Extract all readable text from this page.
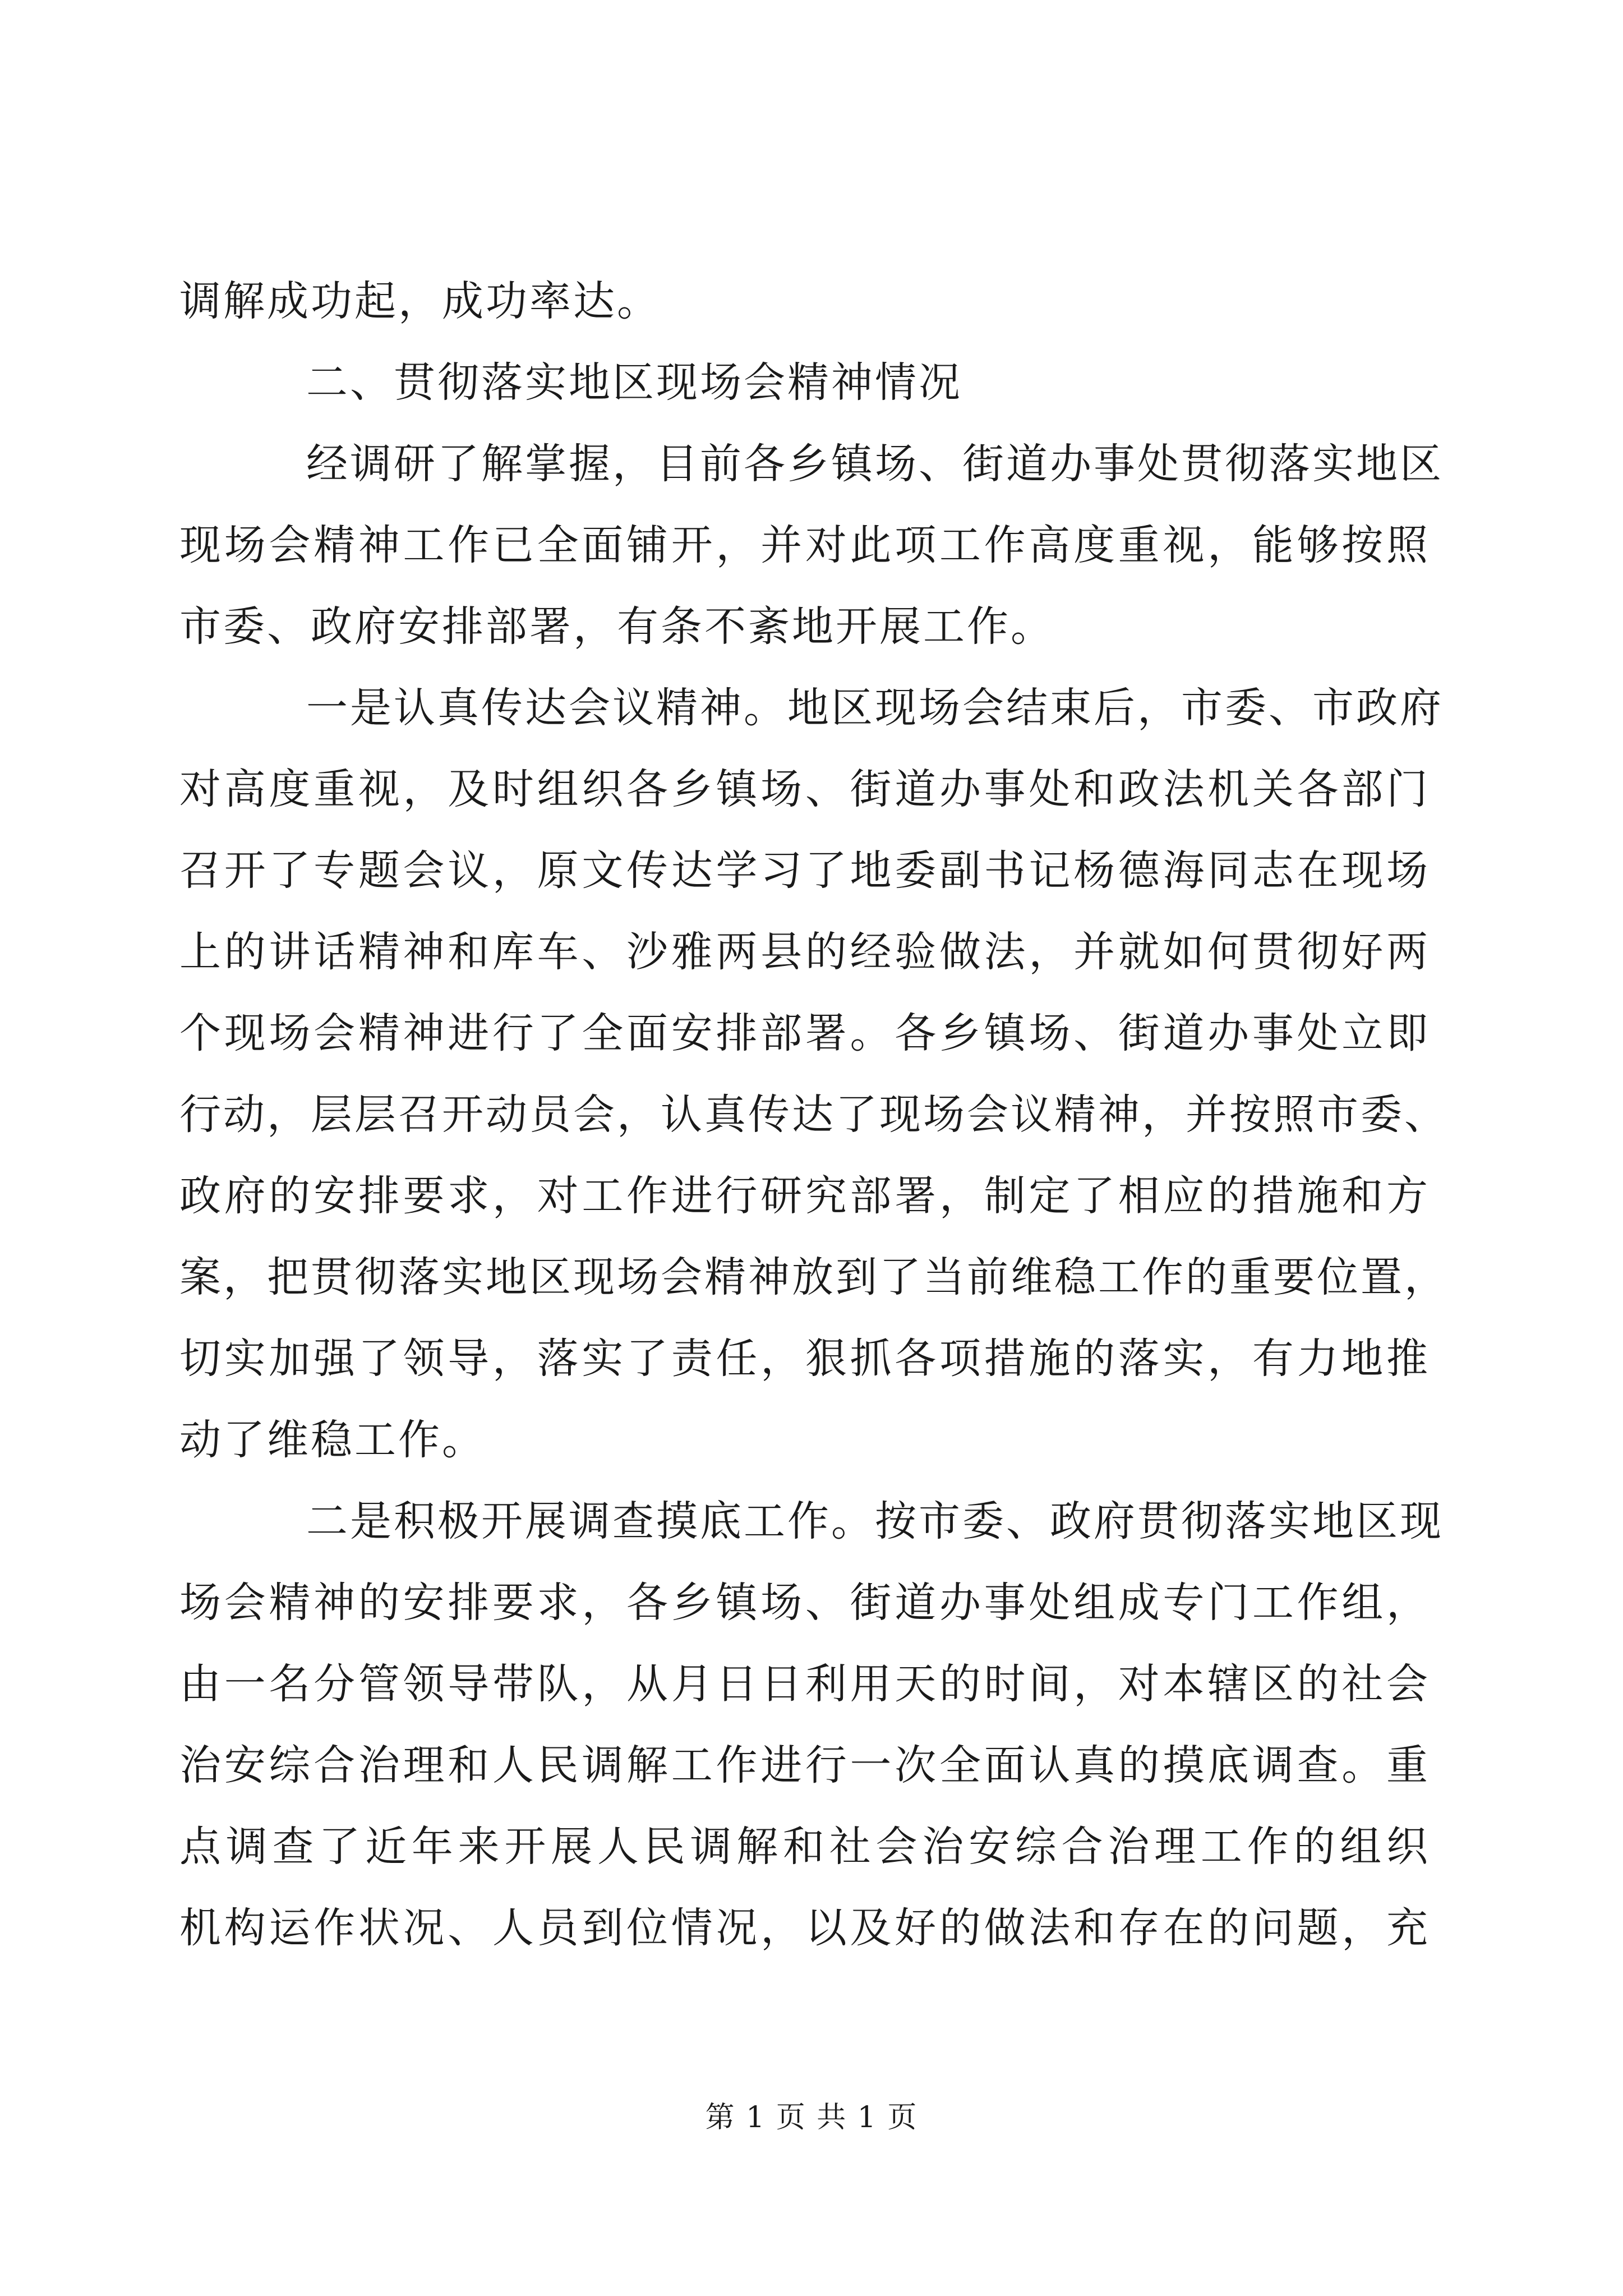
调解成功起，成功率达。
二、贯彻落实地区现场会精神情况
经调研了解掌握，目前各乡镇场、街道办事处贯彻落实地区
现场会精神工作已全面铺开，并对此项工作高度重视，能够按照
市委、政府安排部署，有条不紊地开展工作。
一是认真传达会议精神。地区现场会结束后，市委、市政府
对高度重视，及时组织各乡镇场、街道办事处和政法机关各部门
召开了专题会议，原文传达学习了地委副书记杨德海同志在现场
上的讲话精神和库车、沙雅两县的经验做法，并就如何贯彻好两
个现场会精神进行了全面安排部署。各乡镇场、街道办事处立即
行动，层层召开动员会，认真传达了现场会议精神，并按照市委、
政府的安排要求，对工作进行研究部署，制定了相应的措施和方
案，把贯彻落实地区现场会精神放到了当前维稳工作的重要位置，
切实加强了领导，落实了责任，狠抓各项措施的落实，有力地推
动了维稳工作。
二是积极开展调查摸底工作。按市委、政府贯彻落实地区现
场会精神的安排要求，各乡镇场、街道办事处组成专门工作组，
由一名分管领导带队，从月日日利用天的时间，对本辖区的社会
治安综合治理和人民调解工作进行一次全面认真的摸底调查。重
点调查了近年来开展人民调解和社会治安综合治理工作的组织
机构运作状况、人员到位情况，以及好的做法和存在的问题，充
第 1 页 共 1 页
